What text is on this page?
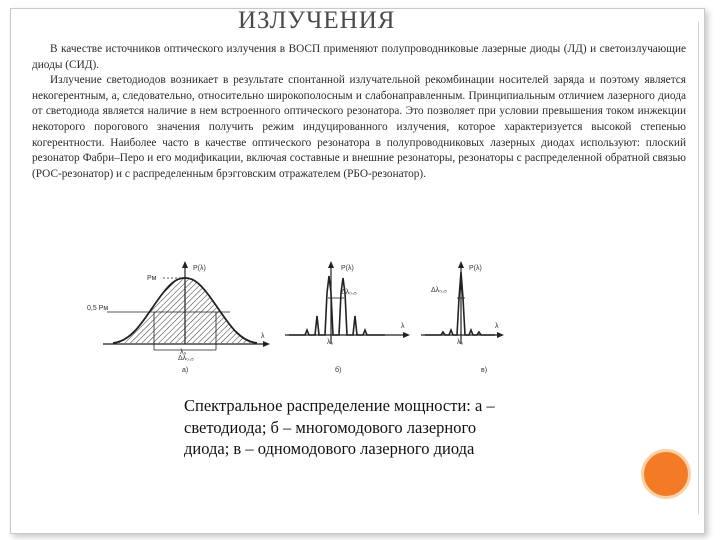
ИЗЛУЧЕНИЯ

В качестве источников оптического излучения в ВОСП применяют полупроводниковые лазерные диоды (ЛД) и светоизлучающие диоды (СИД).

Излучение светодиодов возникает в результате спонтанной излучательной рекомбинации носителей заряда и поэтому является некогерентным, а, следовательно, относительно широкополосным и слабонаправленным. Принципиальным отличием лазерного диода от светодиода является наличие в нем встроенного оптического резонатора. Это позволяет при условии превышения током инжекции некоторого порогового значения получить режим индуцированного излучения, которое характеризуется высокой степенью когерентности. Наиболее часто в качестве оптического резонатора в полупроводниковых лазерных диодах используют: плоский резонатор Фабри–Перо и его модификации, включая составные и внешние резонаторы, резонаторы с распределенной обратной связью (РОС-резонатор) и с распределенным брэгговским отражателем (РБО-резонатор).

P(λ)
Pм
0,5 Pм
λ
λ₀
Δλ₀,₅
а)
P(λ)
Δλ₀,₅
λ
λ₀
б)
P(λ)
Δλ₀,₅
λ
λ₀
в)
Спектральное распределение мощности: а – светодиода; б – многомодового лазерного диода; в – одномодового лазерного диода
